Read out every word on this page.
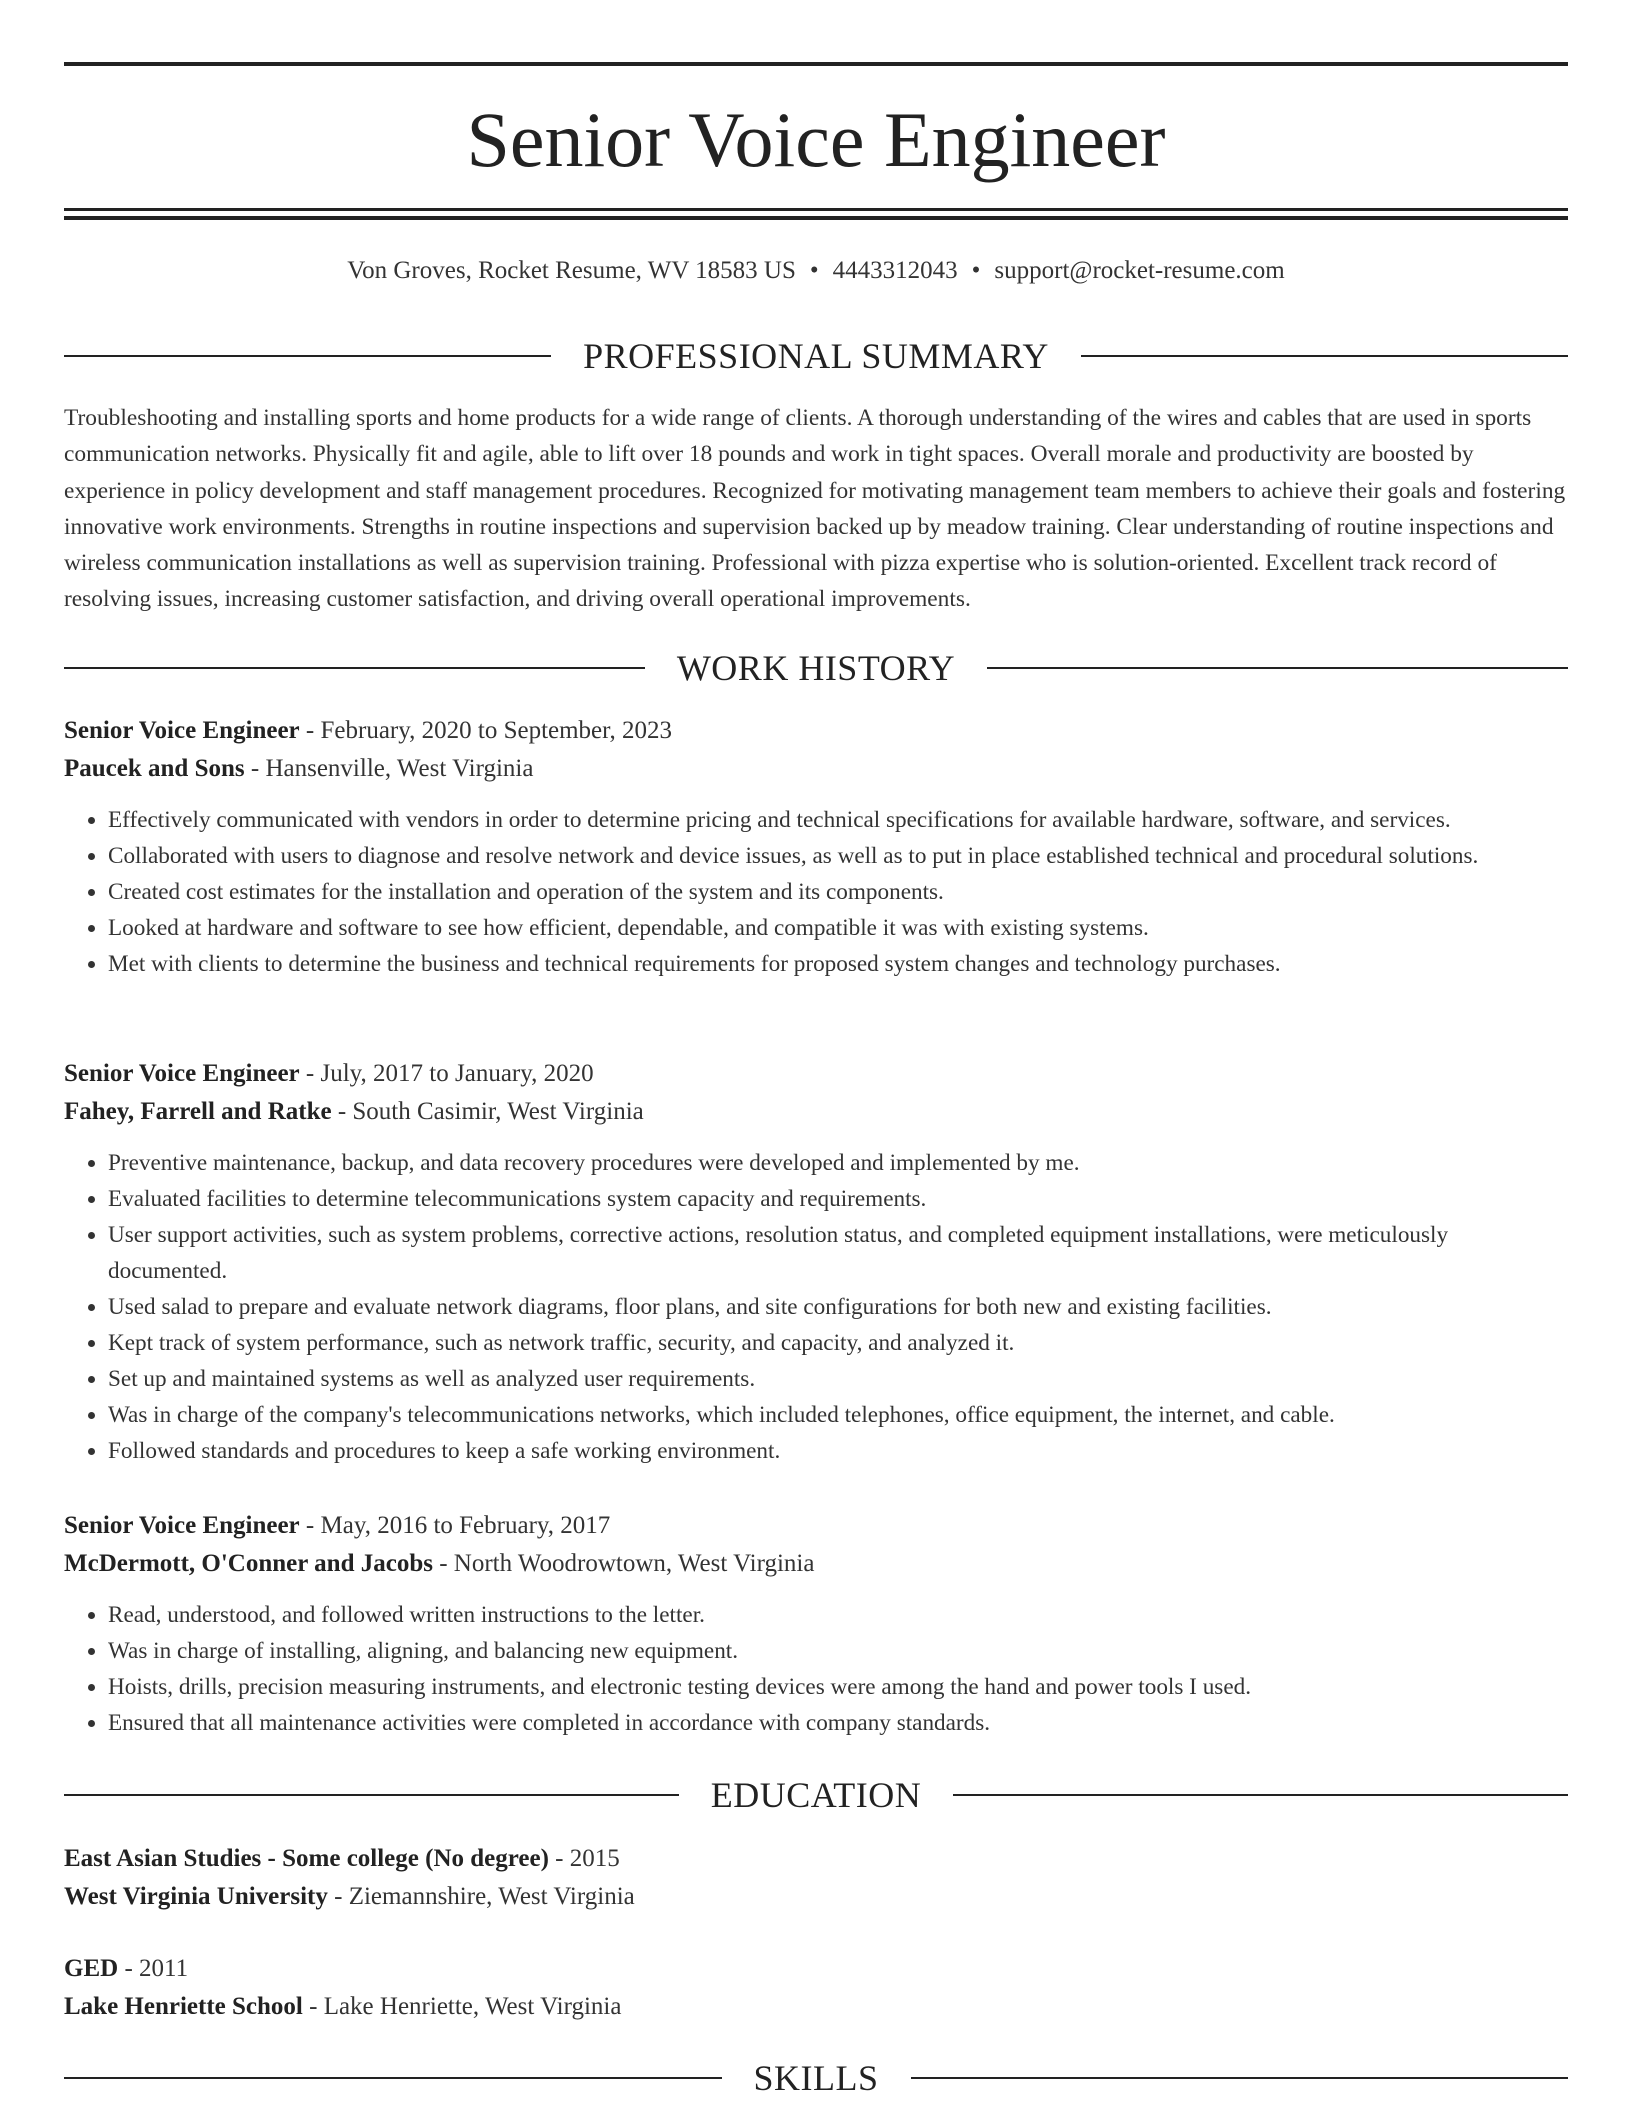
Senior Voice Engineer
Von Groves, Rocket Resume, WV 18583 US • 4443312043 • support@rocket-resume.com
PROFESSIONAL SUMMARY

Troubleshooting and installing sports and home products for a wide range of clients. A thorough understanding of the wires and cables that are used in sports communication networks. Physically fit and agile, able to lift over 18 pounds and work in tight spaces. Overall morale and productivity are boosted by experience in policy development and staff management procedures. Recognized for motivating management team members to achieve their goals and fostering innovative work environments. Strengths in routine inspections and supervision backed up by meadow training. Clear understanding of routine inspections and wireless communication installations as well as supervision training. Professional with pizza expertise who is solution-oriented. Excellent track record of resolving issues, increasing customer satisfaction, and driving overall operational improvements.

WORK HISTORY
Senior Voice Engineer - February, 2020 to September, 2023
Paucek and Sons - Hansenville, West Virginia
• Effectively communicated with vendors in order to determine pricing and technical specifications for available hardware, software, and services.
• Collaborated with users to diagnose and resolve network and device issues, as well as to put in place established technical and procedural solutions.
• Created cost estimates for the installation and operation of the system and its components.
• Looked at hardware and software to see how efficient, dependable, and compatible it was with existing systems.
• Met with clients to determine the business and technical requirements for proposed system changes and technology purchases.
Senior Voice Engineer - July, 2017 to January, 2020
Fahey, Farrell and Ratke - South Casimir, West Virginia
• Preventive maintenance, backup, and data recovery procedures were developed and implemented by me.
• Evaluated facilities to determine telecommunications system capacity and requirements.
• User support activities, such as system problems, corrective actions, resolution status, and completed equipment installations, were meticulously documented.
• Used salad to prepare and evaluate network diagrams, floor plans, and site configurations for both new and existing facilities.
• Kept track of system performance, such as network traffic, security, and capacity, and analyzed it.
• Set up and maintained systems as well as analyzed user requirements.
• Was in charge of the company's telecommunications networks, which included telephones, office equipment, the internet, and cable.
• Followed standards and procedures to keep a safe working environment.
Senior Voice Engineer - May, 2016 to February, 2017
McDermott, O'Conner and Jacobs - North Woodrowtown, West Virginia
• Read, understood, and followed written instructions to the letter.
• Was in charge of installing, aligning, and balancing new equipment.
• Hoists, drills, precision measuring instruments, and electronic testing devices were among the hand and power tools I used.
• Ensured that all maintenance activities were completed in accordance with company standards.
EDUCATION
East Asian Studies - Some college (No degree) - 2015
West Virginia University - Ziemannshire, West Virginia
GED - 2011
Lake Henriette School - Lake Henriette, West Virginia
SKILLS
